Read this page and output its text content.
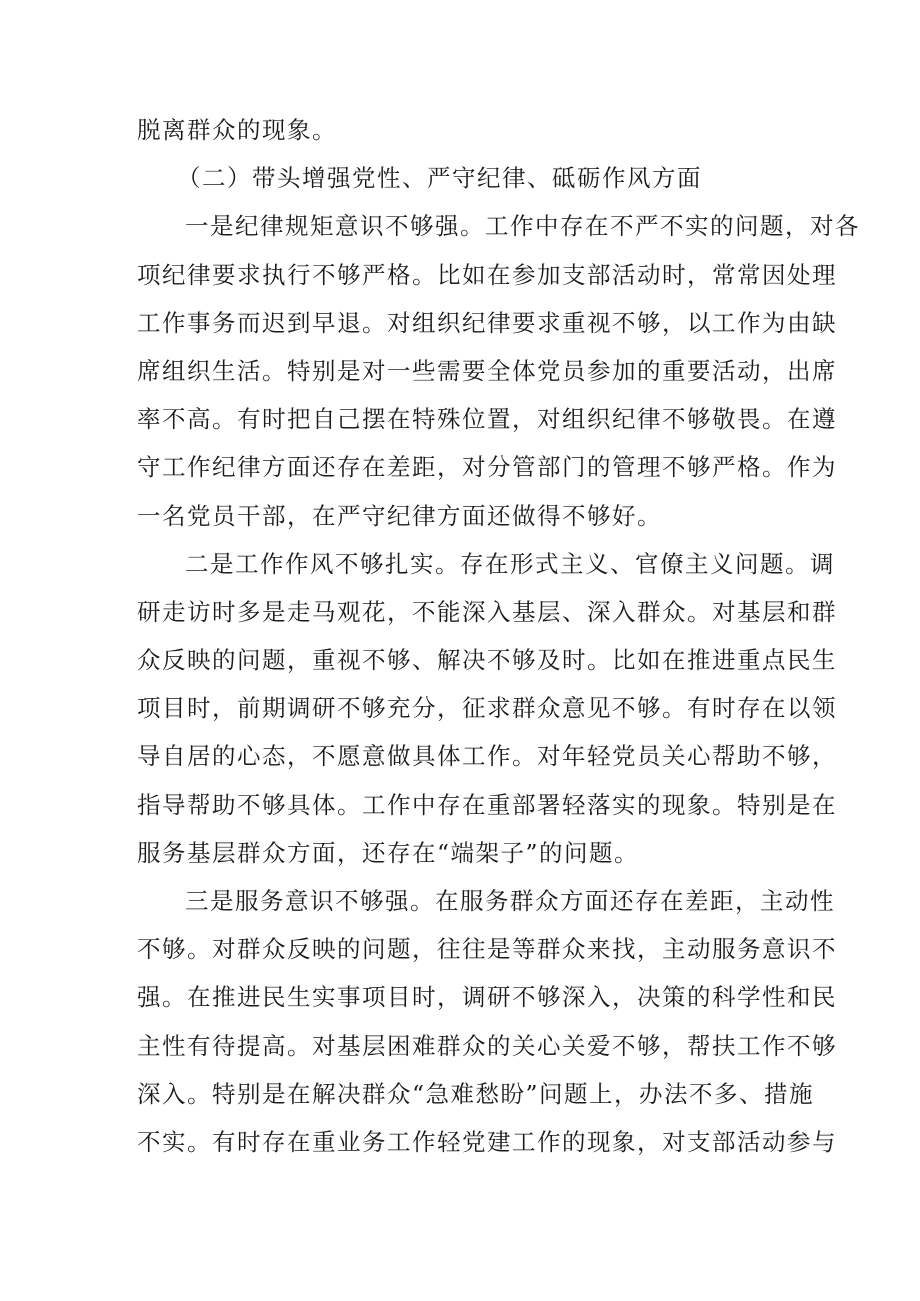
脱离群众的现象。
（二）带头增强党性、严守纪律、砥砺作风方面
一是纪律规矩意识不够强。工作中存在不严不实的问题，对各
项纪律要求执行不够严格。比如在参加支部活动时，常常因处理
工作事务而迟到早退。对组织纪律要求重视不够，以工作为由缺
席组织生活。特别是对一些需要全体党员参加的重要活动，出席
率不高。有时把自己摆在特殊位置，对组织纪律不够敬畏。在遵
守工作纪律方面还存在差距，对分管部门的管理不够严格。作为
一名党员干部，在严守纪律方面还做得不够好。
二是工作作风不够扎实。存在形式主义、官僚主义问题。调
研走访时多是走马观花，不能深入基层、深入群众。对基层和群
众反映的问题，重视不够、解决不够及时。比如在推进重点民生
项目时，前期调研不够充分，征求群众意见不够。有时存在以领
导自居的心态，不愿意做具体工作。对年轻党员关心帮助不够，
指导帮助不够具体。工作中存在重部署轻落实的现象。特别是在
服务基层群众方面，还存在“端架子”的问题。
三是服务意识不够强。在服务群众方面还存在差距，主动性
不够。对群众反映的问题，往往是等群众来找，主动服务意识不
强。在推进民生实事项目时，调研不够深入，决策的科学性和民
主性有待提高。对基层困难群众的关心关爱不够，帮扶工作不够
深入。特别是在解决群众“急难愁盼”问题上，办法不多、措施
不实。有时存在重业务工作轻党建工作的现象，对支部活动参与
